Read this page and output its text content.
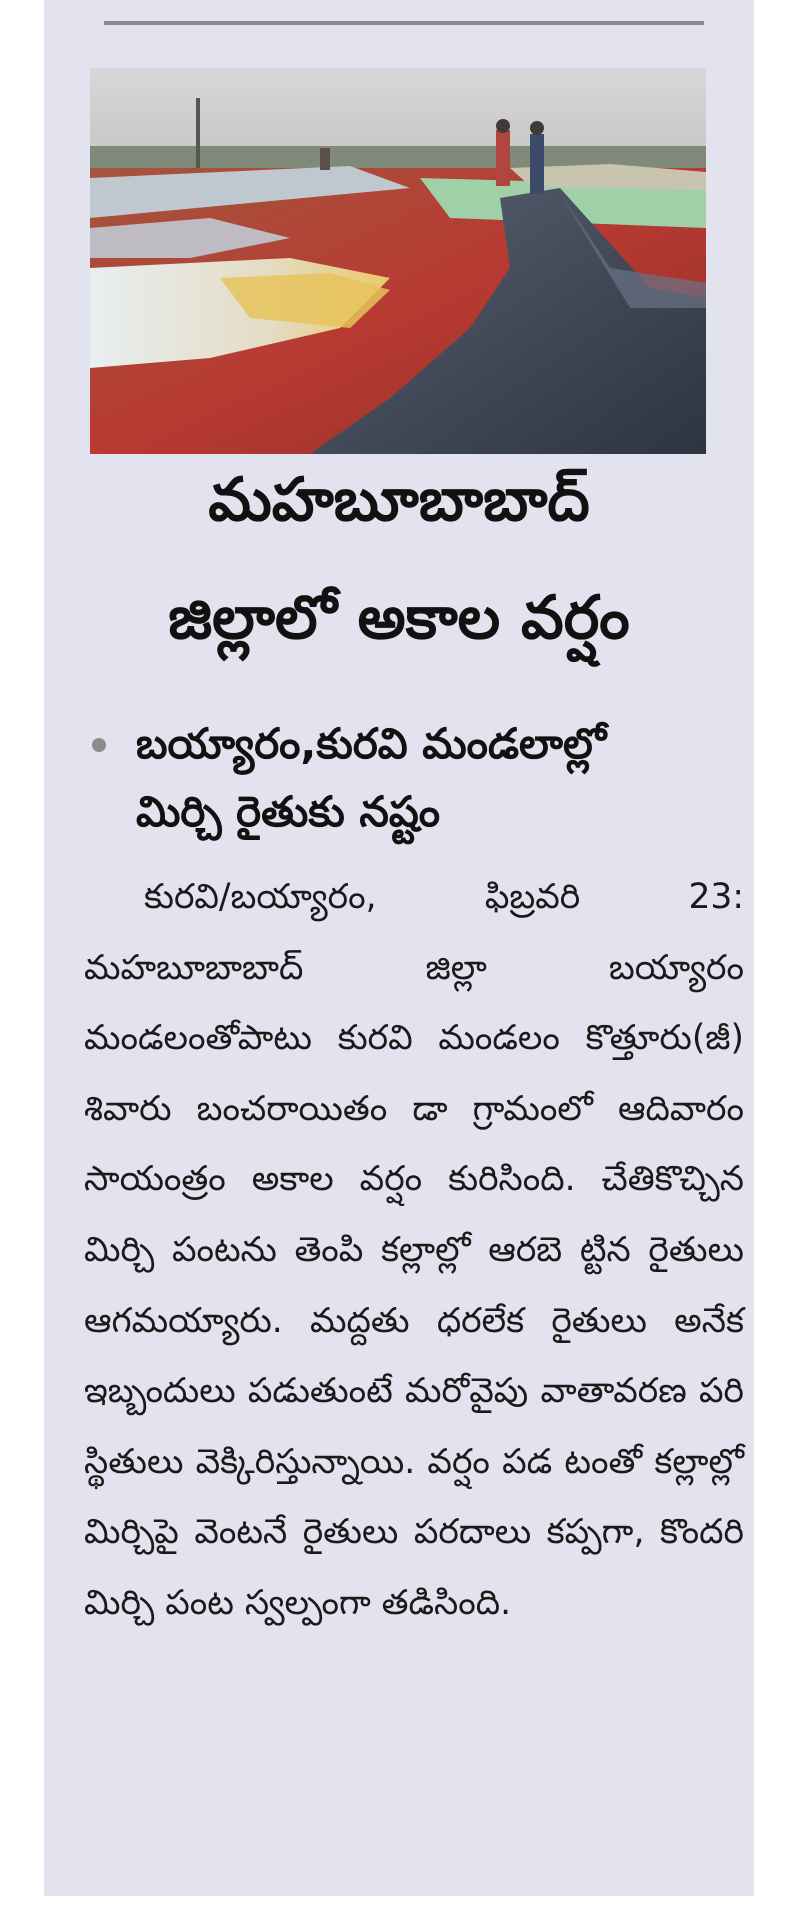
మహబూబాబాద్
జిల్లాలో అకాల వర్షం
బయ్యారం,కురవి మండలాల్లో
మిర్చి రైతుకు నష్టం

కురవి/బయ్యారం, ఫిబ్రవరి 23: మహబూబాబాద్ జిల్లా బయ్యారం మండలంతోపాటు కురవి మండలం కొత్తూరు(జీ) శివారు బంచరాయితం డా గ్రామంలో ఆదివారం సాయంత్రం అకాల వర్షం కురిసింది. చేతికొచ్చిన మిర్చి పంటను తెంపి కల్లాల్లో ఆరబె ట్టిన రైతులు ఆగమయ్యారు. మద్దతు ధరలేక రైతులు అనేక ఇబ్బందులు పడుతుంటే మరోవైపు వాతావరణ పరి స్థితులు వెక్కిరిస్తున్నాయి. వర్షం పడ టంతో కల్లాల్లో మిర్చిపై వెంటనే రైతులు పరదాలు కప్పగా, కొందరి మిర్చి పంట స్వల్పంగా తడిసింది.
